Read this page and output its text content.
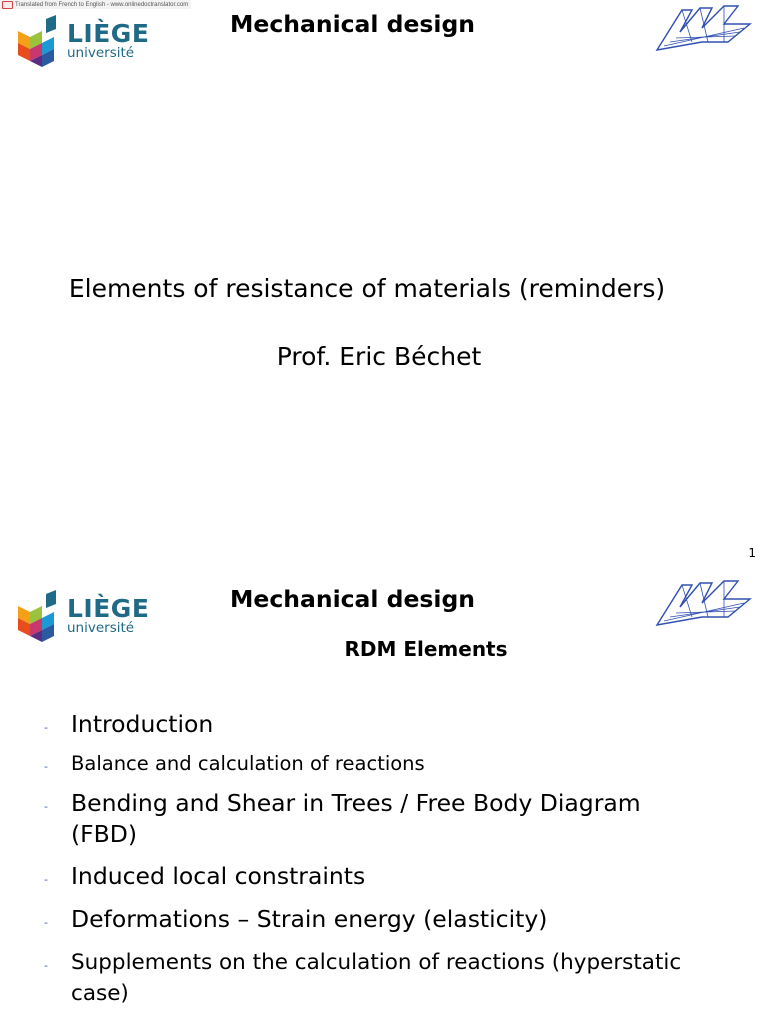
Translated from French to English - www.onlinedoctranslator.com
LIÈGE
université
Mechanical design
Elements of resistance of materials (reminders)
Prof. Eric Béchet
1
LIÈGE
université
Mechanical design
RDM Elements
- Introduction
- Balance and calculation of reactions
- Bending and Shear in Trees / Free Body Diagram (FBD)
- Induced local constraints
- Deformations – Strain energy (elasticity)
- Supplements on the calculation of reactions (hyperstatic case)
